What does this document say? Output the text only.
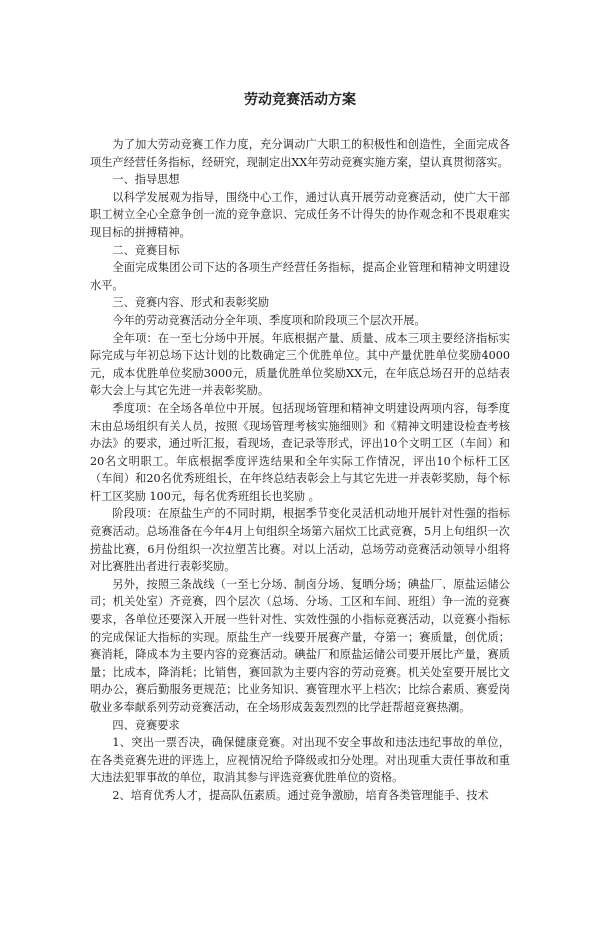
劳动竞赛活动方案

为了加大劳动竞赛工作力度，充分调动广大职工的积极性和创造性，全面完成各项生产经营任务指标，经研究，现制定出XX年劳动竞赛实施方案，望认真贯彻落实。

一、指导思想

以科学发展观为指导，围绕中心工作，通过认真开展劳动竞赛活动，使广大干部职工树立全心全意争创一流的竞争意识、完成任务不计得失的协作观念和不畏艰难实现目标的拼搏精神。

二、竞赛目标

全面完成集团公司下达的各项生产经营任务指标，提高企业管理和精神文明建设水平。

三、竞赛内容、形式和表彰奖励

今年的劳动竞赛活动分全年项、季度项和阶段项三个层次开展。

全年项：在一至七分场中开展。年底根据产量、质量、成本三项主要经济指标实际完成与年初总场下达计划的比数确定三个优胜单位。其中产量优胜单位奖励4000元，成本优胜单位奖励3000元，质量优胜单位奖励XX元，在年底总场召开的总结表彰大会上与其它先进一并表彰奖励。

季度项：在全场各单位中开展。包括现场管理和精神文明建设两项内容，每季度末由总场组织有关人员，按照《现场管理考核实施细则》和《精神文明建设检查考核办法》的要求，通过听汇报，看现场，查记录等形式，评出10个文明工区（车间）和20名文明职工。年底根据季度评选结果和全年实际工作情况，评出10个标杆工区（车间）和20名优秀班组长，在年终总结表彰会上与其它先进一并表彰奖励，每个标杆工区奖励 100元，每名优秀班组长也奖励 。

阶段项：在原盐生产的不同时期，根据季节变化灵活机动地开展针对性强的指标竞赛活动。总场准备在今年4月上旬组织全场第六届炊工比武竞赛，5月上旬组织一次捞盐比赛，6月份组织一次拉塑苫比赛。对以上活动，总场劳动竞赛活动领导小组将对比赛胜出者进行表彰奖励。

另外，按照三条战线（一至七分场、制卤分场、复晒分场；碘盐厂、原盐运储公司；机关处室）齐竞赛，四个层次（总场、分场、工区和车间、班组）争一流的竞赛要求，各单位还要深入开展一些针对性、实效性强的小指标竞赛活动，以竞赛小指标的完成保证大指标的实现。原盐生产一线要开展赛产量，夺第一；赛质量，创优质；赛消耗，降成本为主要内容的竞赛活动。碘盐厂和原盐运储公司要开展比产量，赛质量；比成本，降消耗；比销售，赛回款为主要内容的劳动竞赛。机关处室要开展比文明办公，赛后勤服务更规范；比业务知识、赛管理水平上档次；比综合素质、赛爱岗敬业多奉献系列劳动竞赛活动，在全场形成轰轰烈烈的比学赶帮超竞赛热潮。

四、竞赛要求

1、突出一票否决，确保健康竞赛。对出现不安全事故和违法违纪事故的单位，在各类竞赛先进的评选上，应视情况给予降级或扣分处理。对出现重大责任事故和重大违法犯罪事故的单位，取消其参与评选竞赛优胜单位的资格。

2、培育优秀人才，提高队伍素质。通过竞争激励，培育各类管理能手、技术
